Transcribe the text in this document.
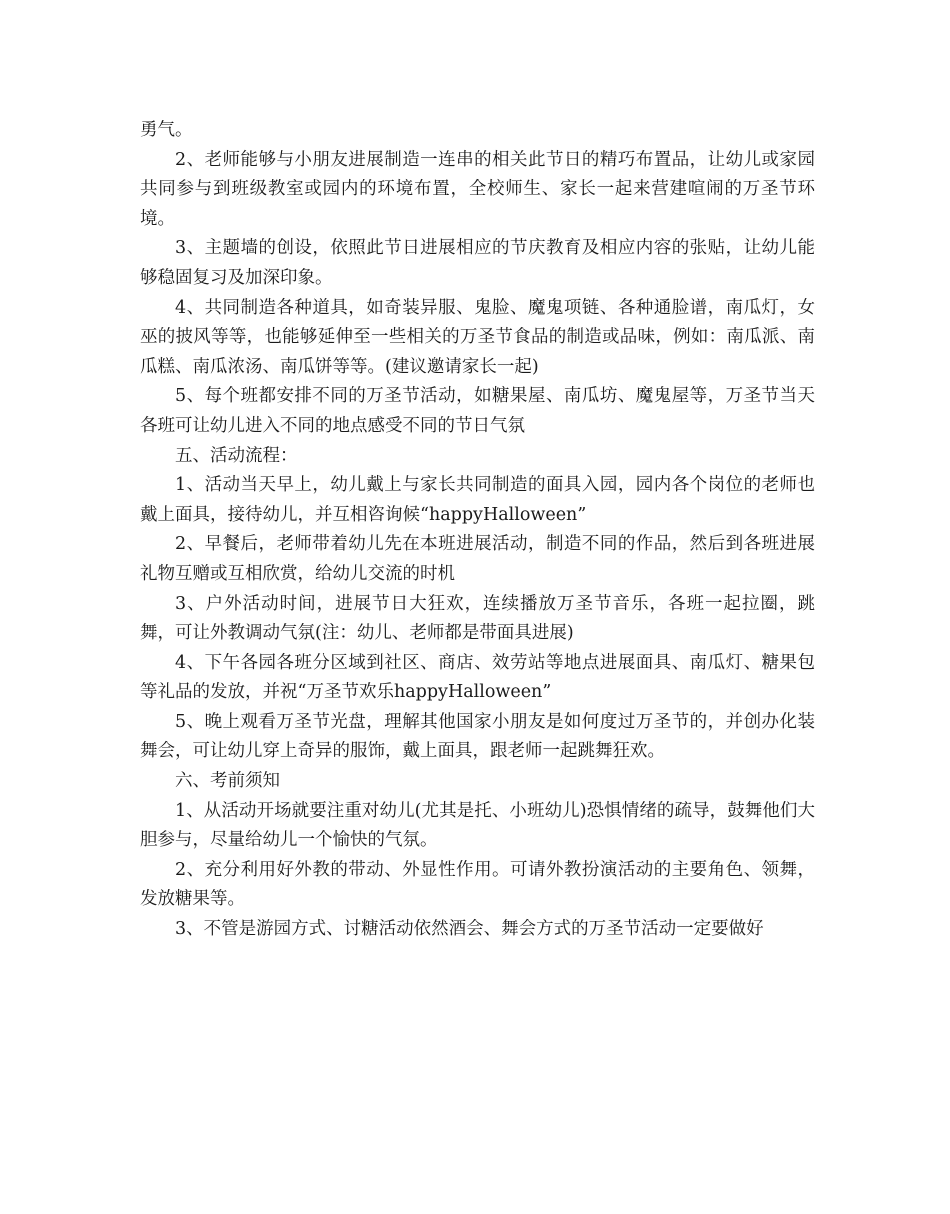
勇气。

2、老师能够与小朋友进展制造一连串的相关此节日的精巧布置品，让幼儿或家园共同参与到班级教室或园内的环境布置，全校师生、家长一起来营建喧闹的万圣节环境。

3、主题墙的创设，依照此节日进展相应的节庆教育及相应内容的张贴，让幼儿能够稳固复习及加深印象。

4、共同制造各种道具，如奇装异服、鬼脸、魔鬼项链、各种通脸谱，南瓜灯，女巫的披风等等，也能够延伸至一些相关的万圣节食品的制造或品味，例如：南瓜派、南瓜糕、南瓜浓汤、南瓜饼等等。(建议邀请家长一起)

5、每个班都安排不同的万圣节活动，如糖果屋、南瓜坊、魔鬼屋等，万圣节当天各班可让幼儿进入不同的地点感受不同的节日气氛

五、活动流程：

1、活动当天早上，幼儿戴上与家长共同制造的面具入园，园内各个岗位的老师也戴上面具，接待幼儿，并互相咨询候“happyHalloween”

2、早餐后，老师带着幼儿先在本班进展活动，制造不同的作品，然后到各班进展礼物互赠或互相欣赏，给幼儿交流的时机

3、户外活动时间，进展节日大狂欢，连续播放万圣节音乐，各班一起拉圈，跳舞，可让外教调动气氛(注：幼儿、老师都是带面具进展)

4、下午各园各班分区域到社区、商店、效劳站等地点进展面具、南瓜灯、糖果包等礼品的发放，并祝“万圣节欢乐happyHalloween”

5、晚上观看万圣节光盘，理解其他国家小朋友是如何度过万圣节的，并创办化装舞会，可让幼儿穿上奇异的服饰，戴上面具，跟老师一起跳舞狂欢。

六、考前须知

1、从活动开场就要注重对幼儿(尤其是托、小班幼儿)恐惧情绪的疏导，鼓舞他们大胆参与，尽量给幼儿一个愉快的气氛。

2、充分利用好外教的带动、外显性作用。可请外教扮演活动的主要角色、领舞，发放糖果等。

3、不管是游园方式、讨糖活动依然酒会、舞会方式的万圣节活动一定要做好
